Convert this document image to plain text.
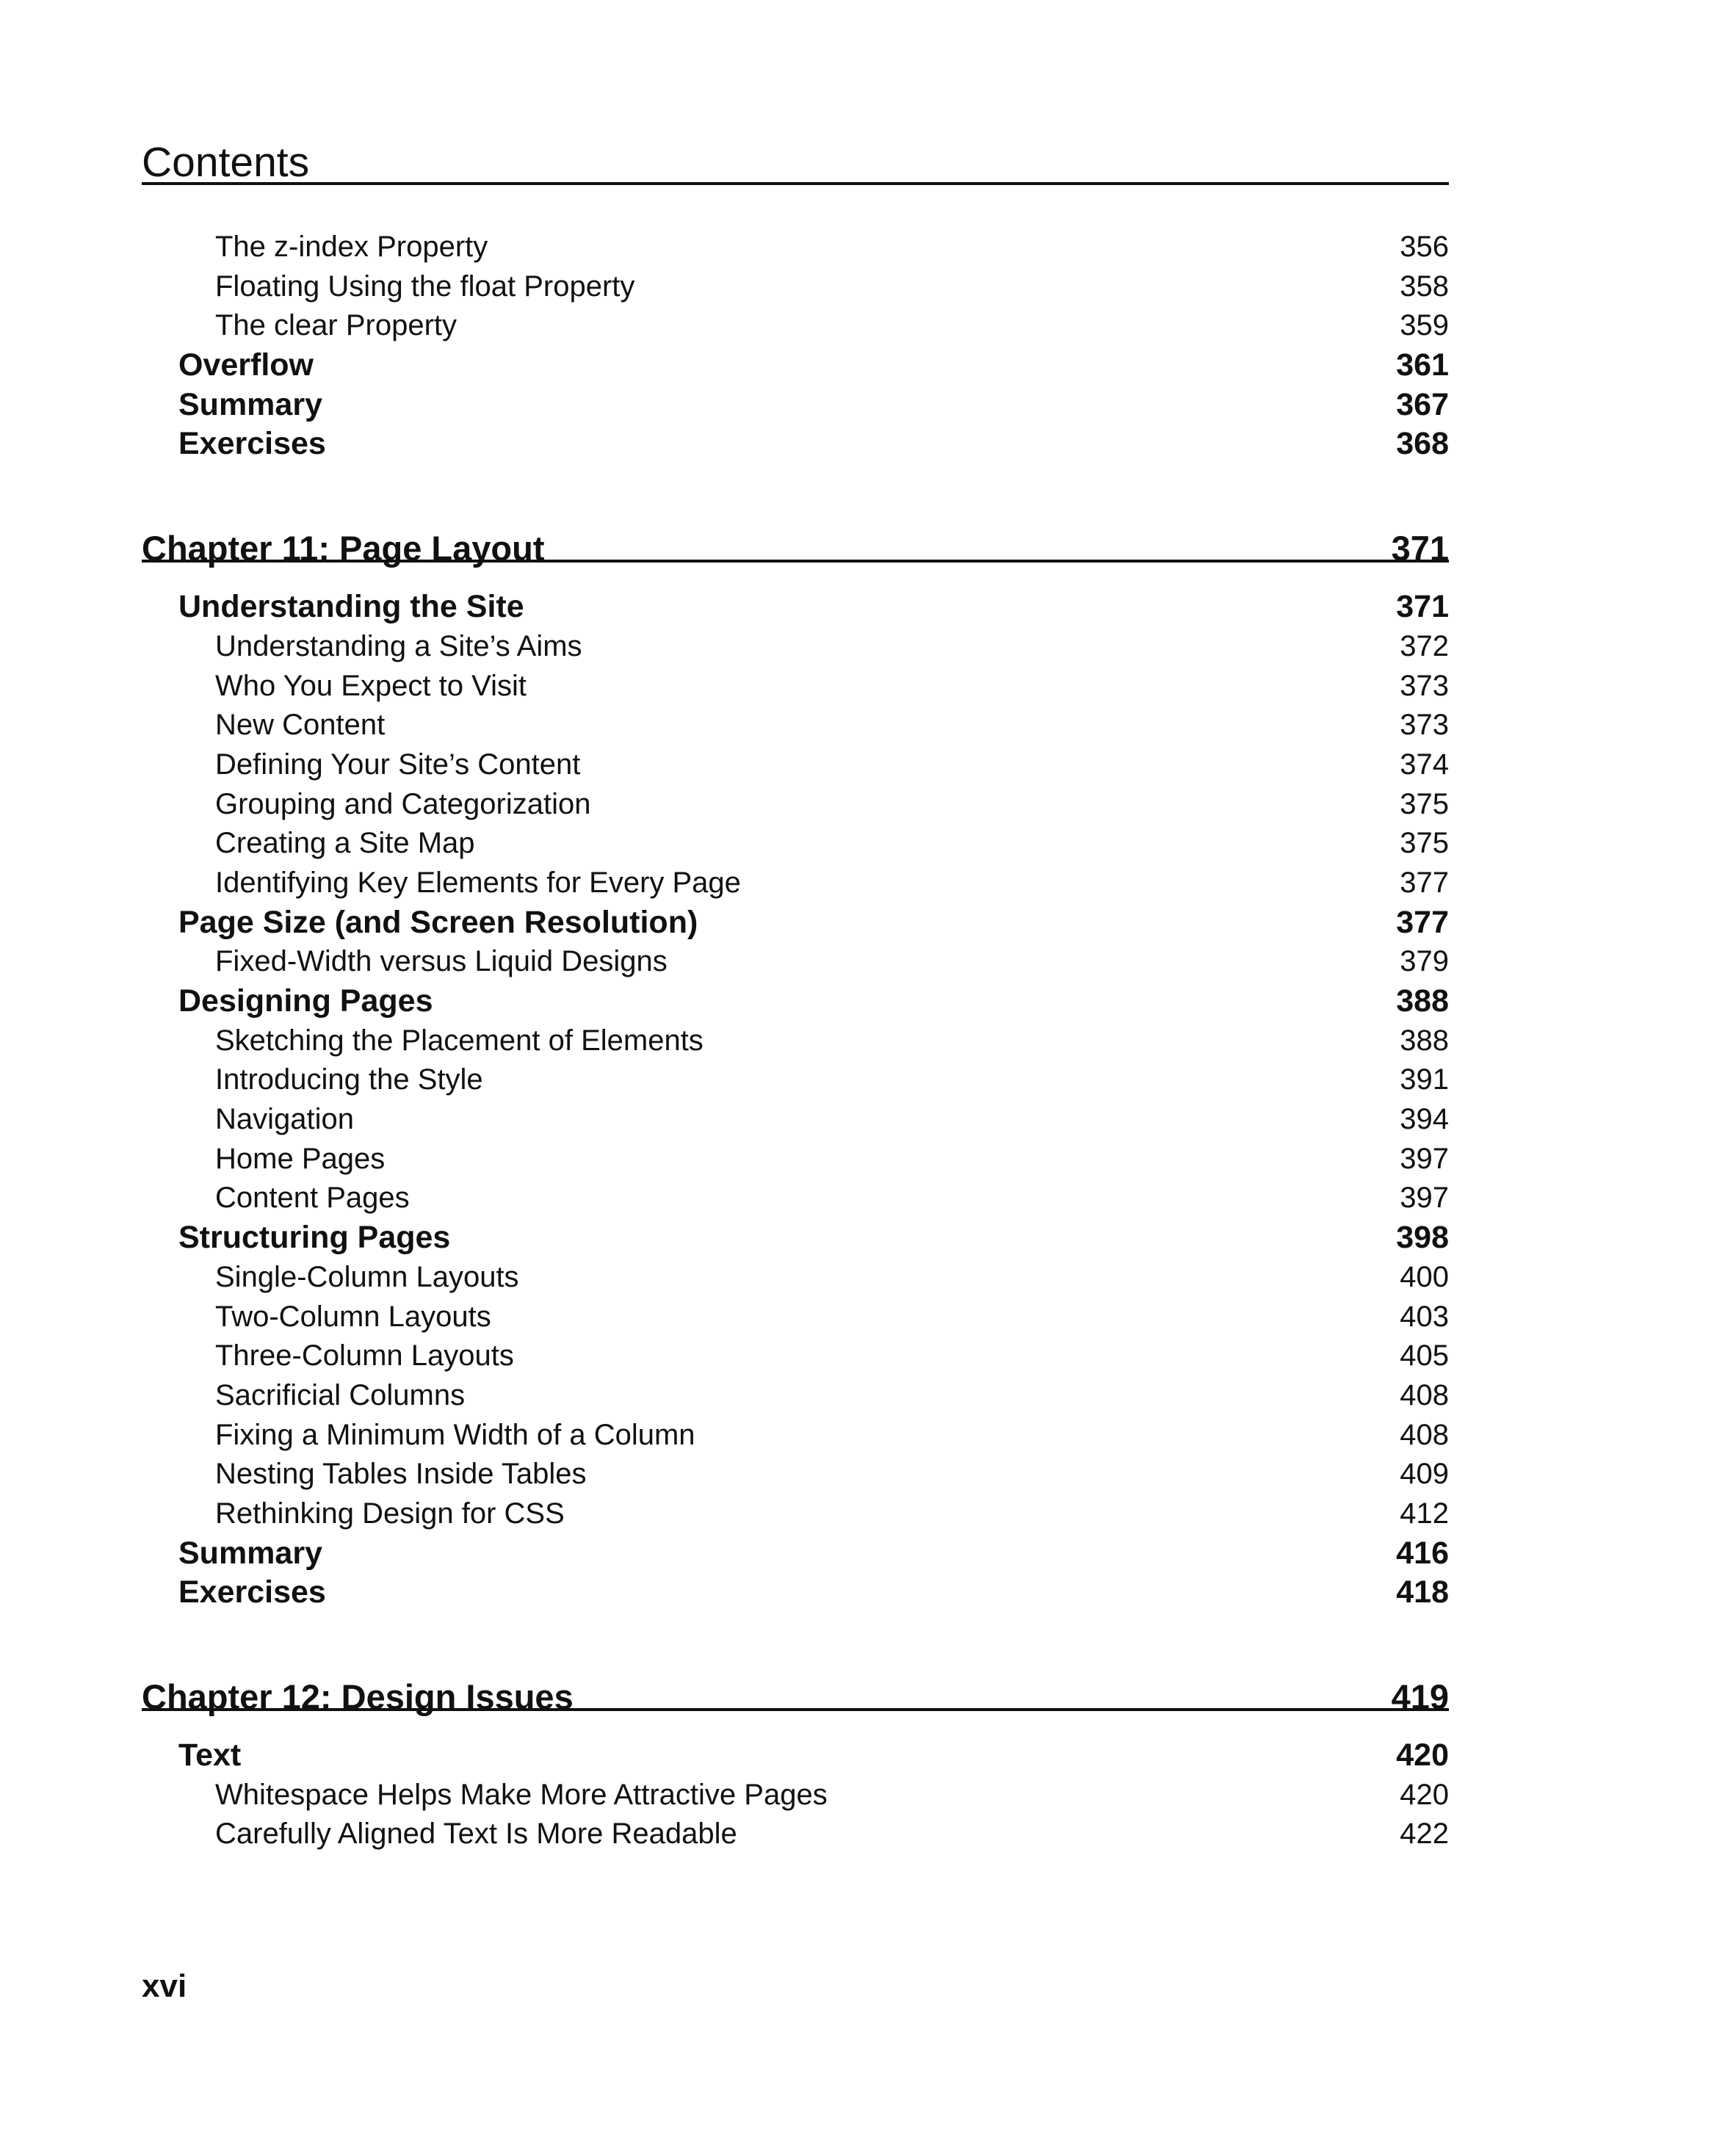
Contents
The z-index Property	356
Floating Using the float Property	358
The clear Property	359
Overflow	361
Summary	367
Exercises	368
Chapter 11: Page Layout	371
Understanding the Site	371
Understanding a Site’s Aims	372
Who You Expect to Visit	373
New Content	373
Defining Your Site’s Content	374
Grouping and Categorization	375
Creating a Site Map	375
Identifying Key Elements for Every Page	377
Page Size (and Screen Resolution)	377
Fixed-Width versus Liquid Designs	379
Designing Pages	388
Sketching the Placement of Elements	388
Introducing the Style	391
Navigation	394
Home Pages	397
Content Pages	397
Structuring Pages	398
Single-Column Layouts	400
Two-Column Layouts	403
Three-Column Layouts	405
Sacrificial Columns	408
Fixing a Minimum Width of a Column	408
Nesting Tables Inside Tables	409
Rethinking Design for CSS	412
Summary	416
Exercises	418
Chapter 12: Design Issues	419
Text	420
Whitespace Helps Make More Attractive Pages	420
Carefully Aligned Text Is More Readable	422
xvi
